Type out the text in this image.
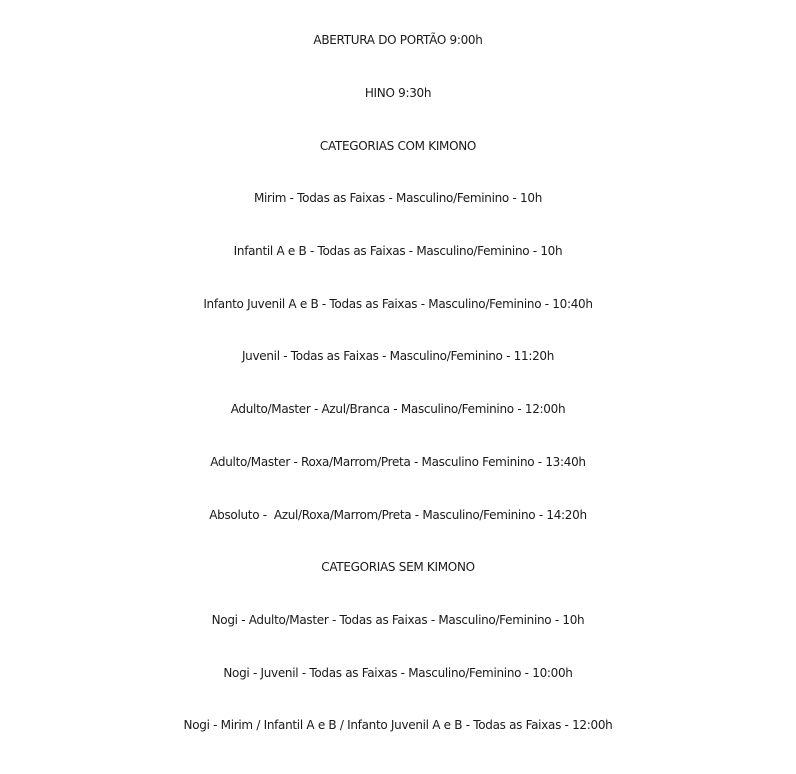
ABERTURA DO PORTÃO 9:00h
HINO 9:30h
CATEGORIAS COM KIMONO
Mirim - Todas as Faixas - Masculino/Feminino - 10h
Infantil A e B - Todas as Faixas - Masculino/Feminino - 10h
Infanto Juvenil A e B - Todas as Faixas - Masculino/Feminino - 10:40h
Juvenil - Todas as Faixas - Masculino/Feminino - 11:20h
Adulto/Master - Azul/Branca - Masculino/Feminino - 12:00h
Adulto/Master - Roxa/Marrom/Preta - Masculino Feminino - 13:40h
Absoluto -  Azul/Roxa/Marrom/Preta - Masculino/Feminino - 14:20h
CATEGORIAS SEM KIMONO
Nogi - Adulto/Master - Todas as Faixas - Masculino/Feminino - 10h
Nogi - Juvenil - Todas as Faixas - Masculino/Feminino - 10:00h
Nogi - Mirim / Infantil A e B / Infanto Juvenil A e B - Todas as Faixas - 12:00h
